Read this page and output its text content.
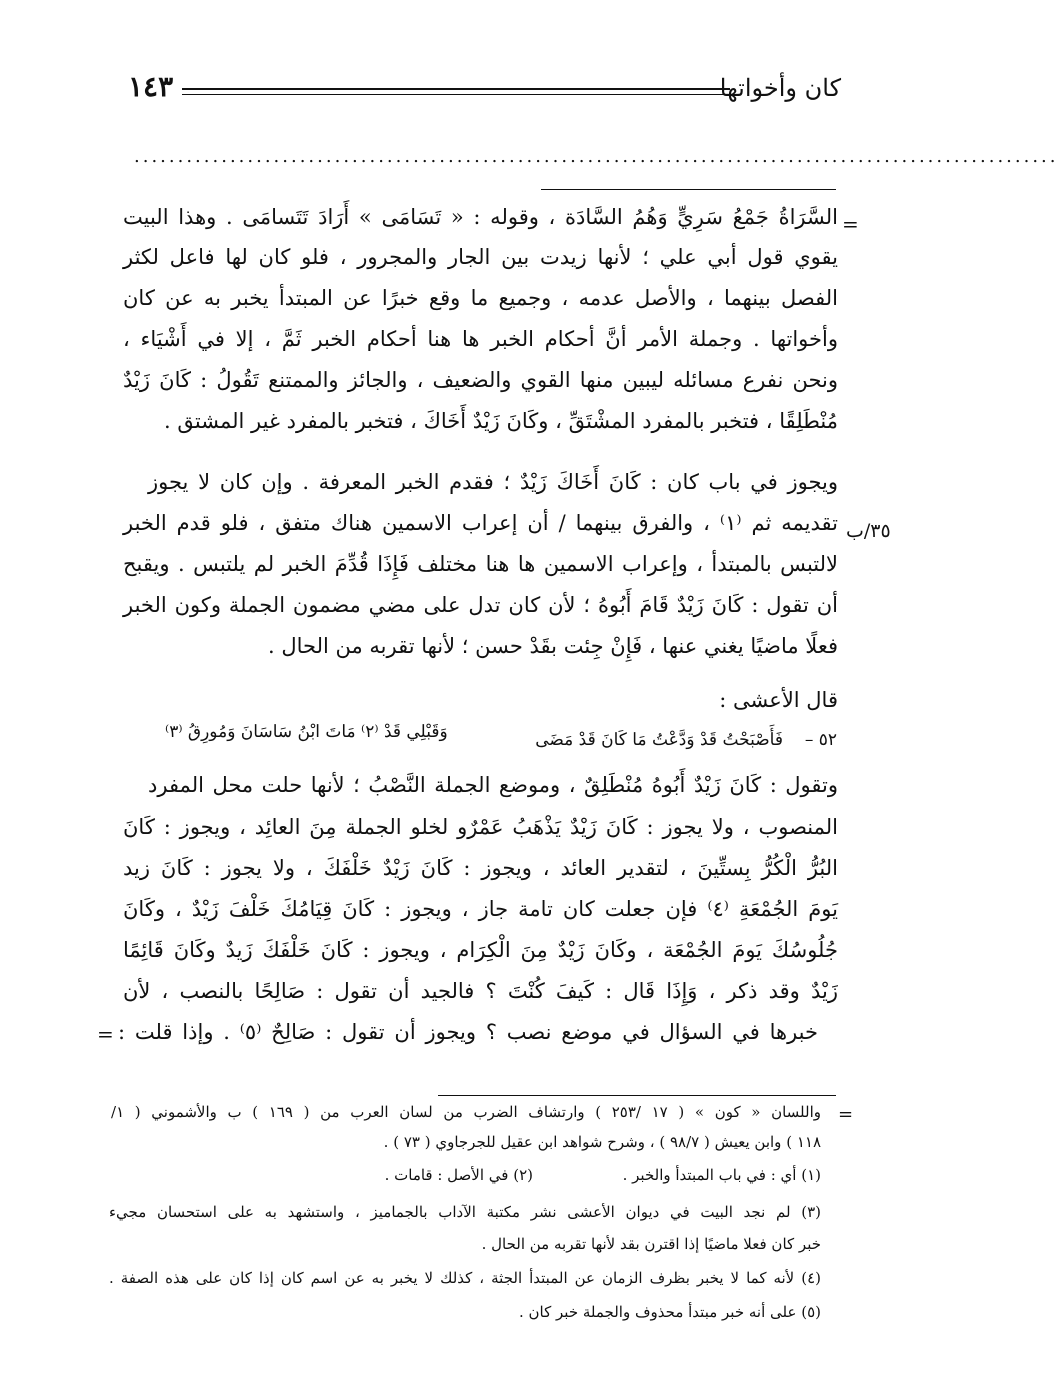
كان وأخواتها
١٤٣
..........................................................................................................
=
٣٥/ب
السَّرَاةُ جَمْعُ سَرِيٍّ وَهُمُ السَّادَة ، وقوله : « تَسَامَى » أَرَادَ تَتَسامَى . وهذا البيت
يقوي قول أبي علي ؛ لأنها زيدت بين الجار والمجرور ، فلو كان لها فاعل لكثر
الفصل بينهما ، والأصل عدمه ، وجميع ما وقع خبرًا عن المبتدأ يخبر به عن كان
وأخواتها . وجملة الأمر أنَّ أحكام الخبر ها هنا أحكام الخبر ثَمَّ ، إلا في أَشْيَاء ،
ونحن نفرع مسائله ليبين منها القوي والضعيف ، والجائز والممتنع تَقُولُ : كَانَ زَيْدٌ
مُنْطَلِقًا ، فتخبر بالمفرد المشْتَقِّ ، وكَانَ زَيْدٌ أَخَاكَ ، فتخبر بالمفرد غير المشتق .
ويجوز في باب كان : كَانَ أَخَاكَ زَيْدٌ ؛ فقدم الخبر المعرفة . وإن كان لا يجوز
تقديمه ثم ⁽١⁾ ، والفرق بينهما / أن إعراب الاسمين هناك متفق ، فلو قدم الخبر
لالتبس بالمبتدأ ، وإعراب الاسمين ها هنا مختلف فَإِذَا قُدِّمَ الخبر لم يلتبس . ويقبح
أن تقول : كَانَ زَيْدٌ قَامَ أَبُوهُ ؛ لأن كان تدل على مضي مضمون الجملة وكون الخبر
فعلًا ماضيًا يغني عنها ، فَإِنْ جِئت بقَدْ حسن ؛ لأنها تقربه من الحال .
قال الأعشى :
٥٢ –
فَأَصْبَحْتُ قَدْ وَدَّعْتُ مَا كَانَ قَدْ مَضَى
وَقَبْلِي قَدْ ⁽٢⁾ مَاتَ ابْنُ سَاسَانَ وَمُورِقُ ⁽٣⁾
وتقول : كَانَ زَيْدٌ أَبُوهُ مُنْطَلِقٌ ، وموضع الجملة النَّصْبُ ؛ لأنها حلت محل المفرد
المنصوب ، ولا يجوز : كَانَ زَيْدٌ يَذْهَبُ عَمْرٌو لخلو الجملة مِنَ العائِد ، ويجوز : كَانَ
البُرُّ الْكُرُّ بِستِّينَ ، لتقدير العائد ، ويجوز : كَانَ زَيْدٌ خَلْفَكَ ، ولا يجوز : كَانَ زيد
يَومَ الجُمْعَةِ ⁽٤⁾ فإن جعلت كان تامة جاز ، ويجوز : كَانَ قِيَامُكَ خَلْفَ زَيْدٌ ، وكَانَ
جُلُوسُكَ يَومَ الجُمْعَة ، وكَانَ زَيْدٌ مِنَ الْكِرَام ، ويجوز : كَانَ خَلْفَكَ زَيدٌ وكَانَ قَائِمًا
زَيْدٌ وقد ذكر ، وَإِذَا قَال : كَيفَ كُنْتَ ؟ فالجيد أن تقول : صَالِحًا بالنصب ، لأن
خبرها في السؤال في موضع نصب ؟ ويجوز أن تقول : صَالِحٌ ⁽٥⁾ . وإذا قلت :
=
=
واللسان « كون » ( ١٧ /٢٥٣ ) وارتشاف الضرب من لسان العرب من ( ١٦٩ ) ب والأشموني ( ١/
١١٨ ) وابن يعيش ( ٩٨/٧ ) ، وشرح شواهد ابن عقيل للجرجاوي ( ٧٣ ) .
(١) أي : في باب المبتدأ والخبر .
(٢) في الأصل : قامات .
(٣) لم نجد البيت في ديوان الأعشى نشر مكتبة الآداب بالجماميز ، واستشهد به على استحسان مجيء
خبر كان فعلا ماضيًا إذا اقترن بقد لأنها تقربه من الحال .
(٤) لأنه كما لا يخبر بظرف الزمان عن المبتدأ الجثة ، كذلك لا يخبر به عن اسم كان إذا كان على هذه الصفة .
(٥) على أنه خبر مبتدأ محذوف والجملة خبر كان .
